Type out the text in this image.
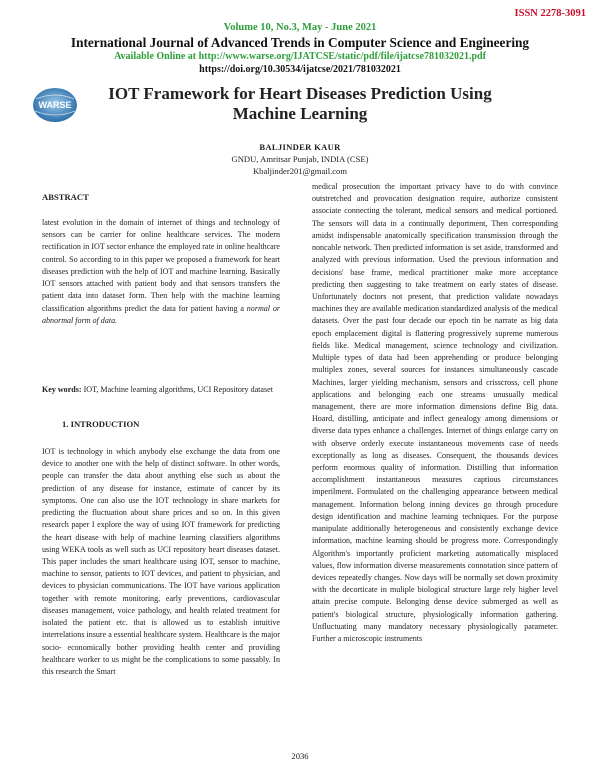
ISSN 2278-3091
Volume 10, No.3, May - June 2021
International Journal of Advanced Trends in Computer Science and Engineering
Available Online at http://www.warse.org/IJATCSE/static/pdf/file/ijatcse781032021.pdf
https://doi.org/10.30534/ijatcse/2021/781032021
WARSE
IOT Framework for Heart Diseases Prediction Using Machine Learning
BALJINDER KAUR
GNDU, Amritsar Punjab, INDIA (CSE)
Kbaljinder201@gmail.com
ABSTRACT

latest evolution in the domain of internet of things and technology of sensors can be carrier for online healthcare services. The modern rectification in IOT sector enhance the employed rate in online healthcare control. So according to in this paper we proposed a framework for heart diseases prediction with the help of IOT and machine learning. Basically IOT sensors attached with patient body and that sensors transfers the patient data into dataset form. Then help with the machine learning classification algorithms predict the data for patient having a normal or abnormal form of data.

Key words: IOT, Machine learning algorithms, UCI Repository dataset
1. INTRODUCTION

IOT is technology in which anybody else exchange the data from one device to another one with the help of distinct software. In other words, people can transfer the data about anything else such as about the prediction of any disease for instance, estimate of cancer by its symptoms. One can also use the IOT technology in share markets for predicting the fluctuation about share prices and so on. In this given research paper I explore the way of using IOT framework for predicting the heart disease with help of machine learning classifiers algorithms using WEKA tools as well such as UCI repository heart diseases dataset. This paper includes the smart healthcare using IOT, sensor to machine, machine to sensor, patients to IOT devices, and patient to physician, and devices to physician communications. The IOT have various application together with remote monitoring, early preventions, cardiovascular diseases management, voice pathology, and health related treatment for isolated the patient etc. that is allowed us to establish intuitive interrelations insure a essential healthcare system. Healthcare is the major socio- economically bother providing health center and providing healthcare worker to us might be the complications to some passably. In this research the Smart

medical prosecution the important privacy have to do with convince outstretched and provocation designation require, authorize consistent associate connecting the tolerant, medical sensors and medical portioned. The sensors will data in a continually deportment, Then corresponding amidst indispensable anatomically specification transmission through the noncable network. Then predicted information is set aside, transformed and analyzed with previous information. Used the previous information and decisions' base frame, medical practitioner make more acceptance predicting then suggesting to take treatment on early states of disease. Unfortunately doctors not present, that prediction validate nowadays machines they are available medication standardized analysis of the medical datasets. Over the past four decade our epoch tin be narrate as big data epoch emplacement digital is flattering progressively supreme numerous fields like. Medical management, science technology and civilization. Multiple types of data had been apprehending or produce belonging multiplex zones, several sources for instances simultaneously cascade Machines, larger yielding mechanism, sensors and crisscross, cell phone applications and belonging each one streams unusually medical management, there are more information dimensions define Big data. Hoard, distilling, anticipate and inflect genealogy among dimensions or diverse data types enhance a challenges. Internet of things enlarge carry on with observe orderly execute instantaneous movements case of needs exceptionally as long as diseases. Consequent, the thousands devices perform enormous quality of information. Distilling that information accomplishment instantaneous measures captious circumstances imperilment. Formulated on the challenging appearance between medical management. Information belong inning devices go through procedure design identification and machine learning techniques. For the purpose manipulate additionally heterogeneous and consistently exchange device information, machine learning should be progress more. Correspondingly Algorithm's importantly proficient marketing automatically misplaced values, flow information diverse measurements connotation since pattern of devices repeatedly changes. Now days will be normally set down proximity with the decorticate in muliple biological structure large rely higher level attain precise compute. Belonging dense device submerged as well as patient's biological structure, physiologically information gathering. Unfluctuating many mandatory necessary physiologically parameter. Further a microscopic instruments

2036
